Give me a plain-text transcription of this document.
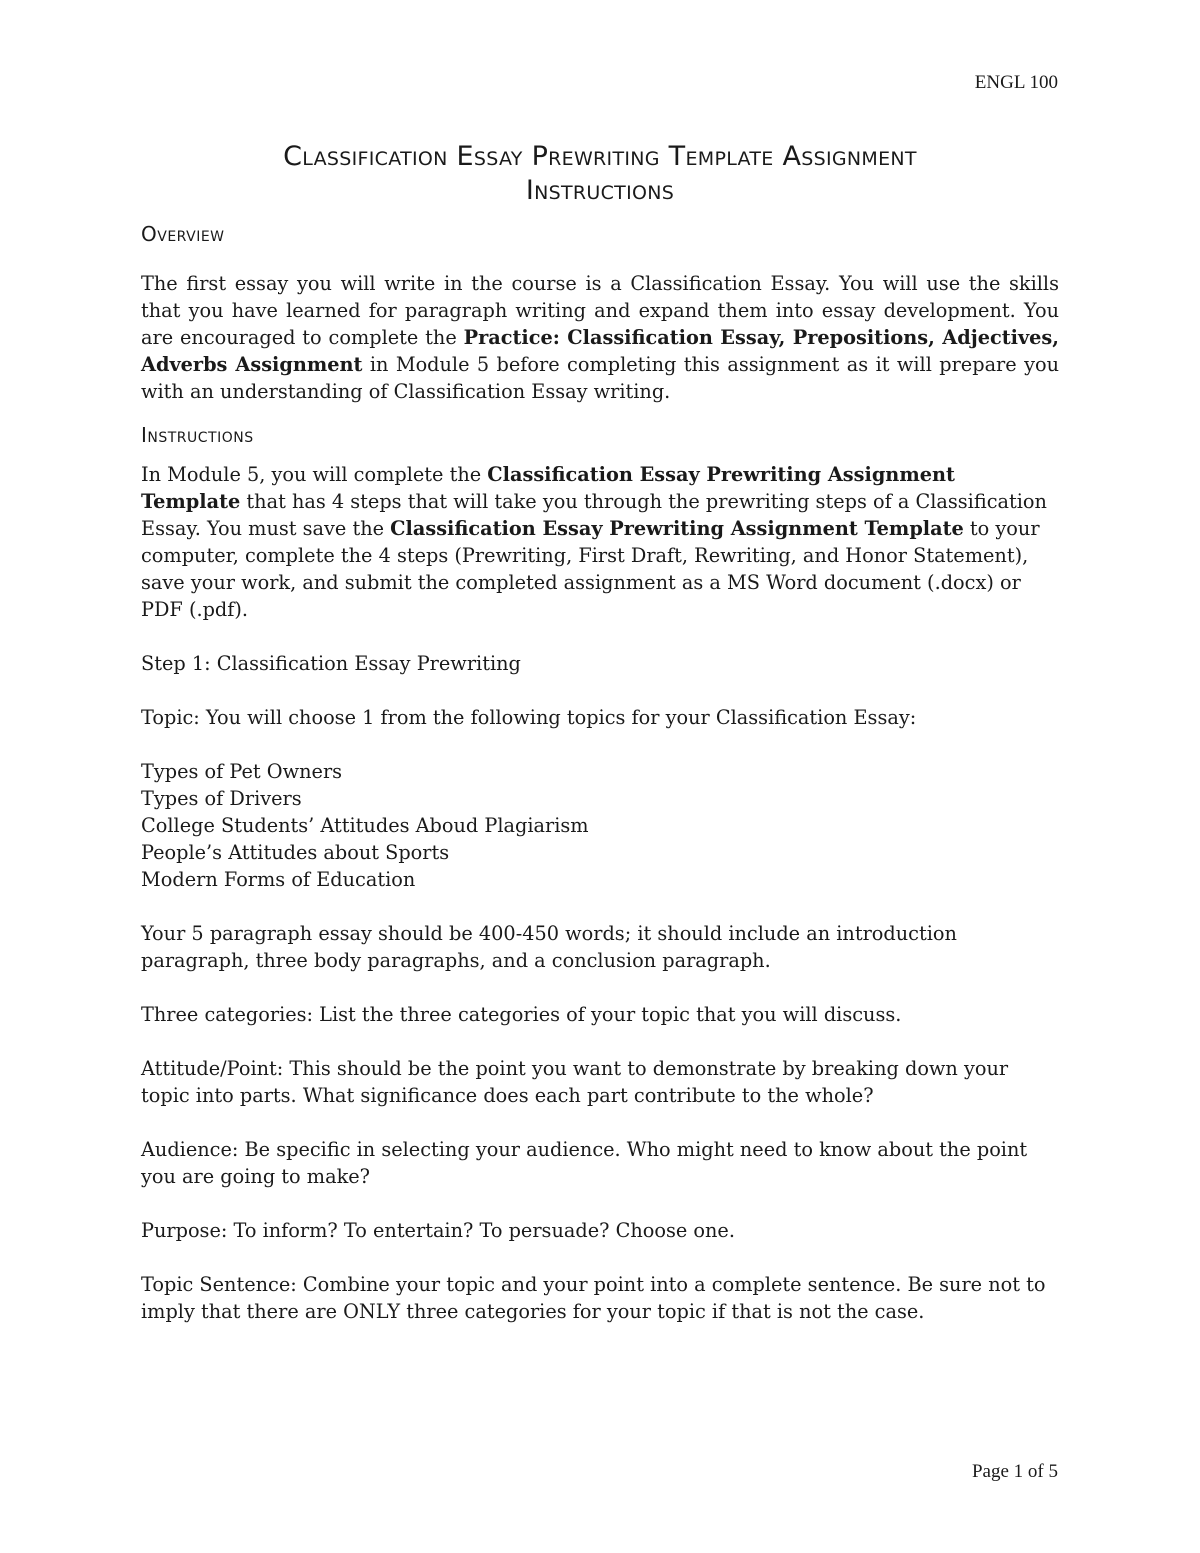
ENGL 100
Classification Essay Prewriting Template Assignment
Instructions
Overview

The first essay you will write in the course is a Classification Essay. You will use the skills that you have learned for paragraph writing and expand them into essay development. You are encouraged to complete the Practice: Classification Essay, Prepositions, Adjectives, Adverbs Assignment in Module 5 before completing this assignment as it will prepare you with an understanding of Classification Essay writing.

Instructions

In Module 5, you will complete the Classification Essay Prewriting Assignment Template that has 4 steps that will take you through the prewriting steps of a Classification Essay. You must save the Classification Essay Prewriting Assignment Template to your computer, complete the 4 steps (Prewriting, First Draft, Rewriting, and Honor Statement), save your work, and submit the completed assignment as a MS Word document (.docx) or PDF (.pdf).

Step 1: Classification Essay Prewriting

Topic: You will choose 1 from the following topics for your Classification Essay:

Types of Pet Owners
Types of Drivers
College Students’ Attitudes Aboud Plagiarism
People’s Attitudes about Sports
Modern Forms of Education

Your 5 paragraph essay should be 400-450 words; it should include an introduction paragraph, three body paragraphs, and a conclusion paragraph.

Three categories: List the three categories of your topic that you will discuss.

Attitude/Point: This should be the point you want to demonstrate by breaking down your topic into parts. What significance does each part contribute to the whole?

Audience: Be specific in selecting your audience. Who might need to know about the point you are going to make?

Purpose: To inform? To entertain? To persuade? Choose one.

Topic Sentence: Combine your topic and your point into a complete sentence. Be sure not to imply that there are ONLY three categories for your topic if that is not the case.

Page 1 of 5
